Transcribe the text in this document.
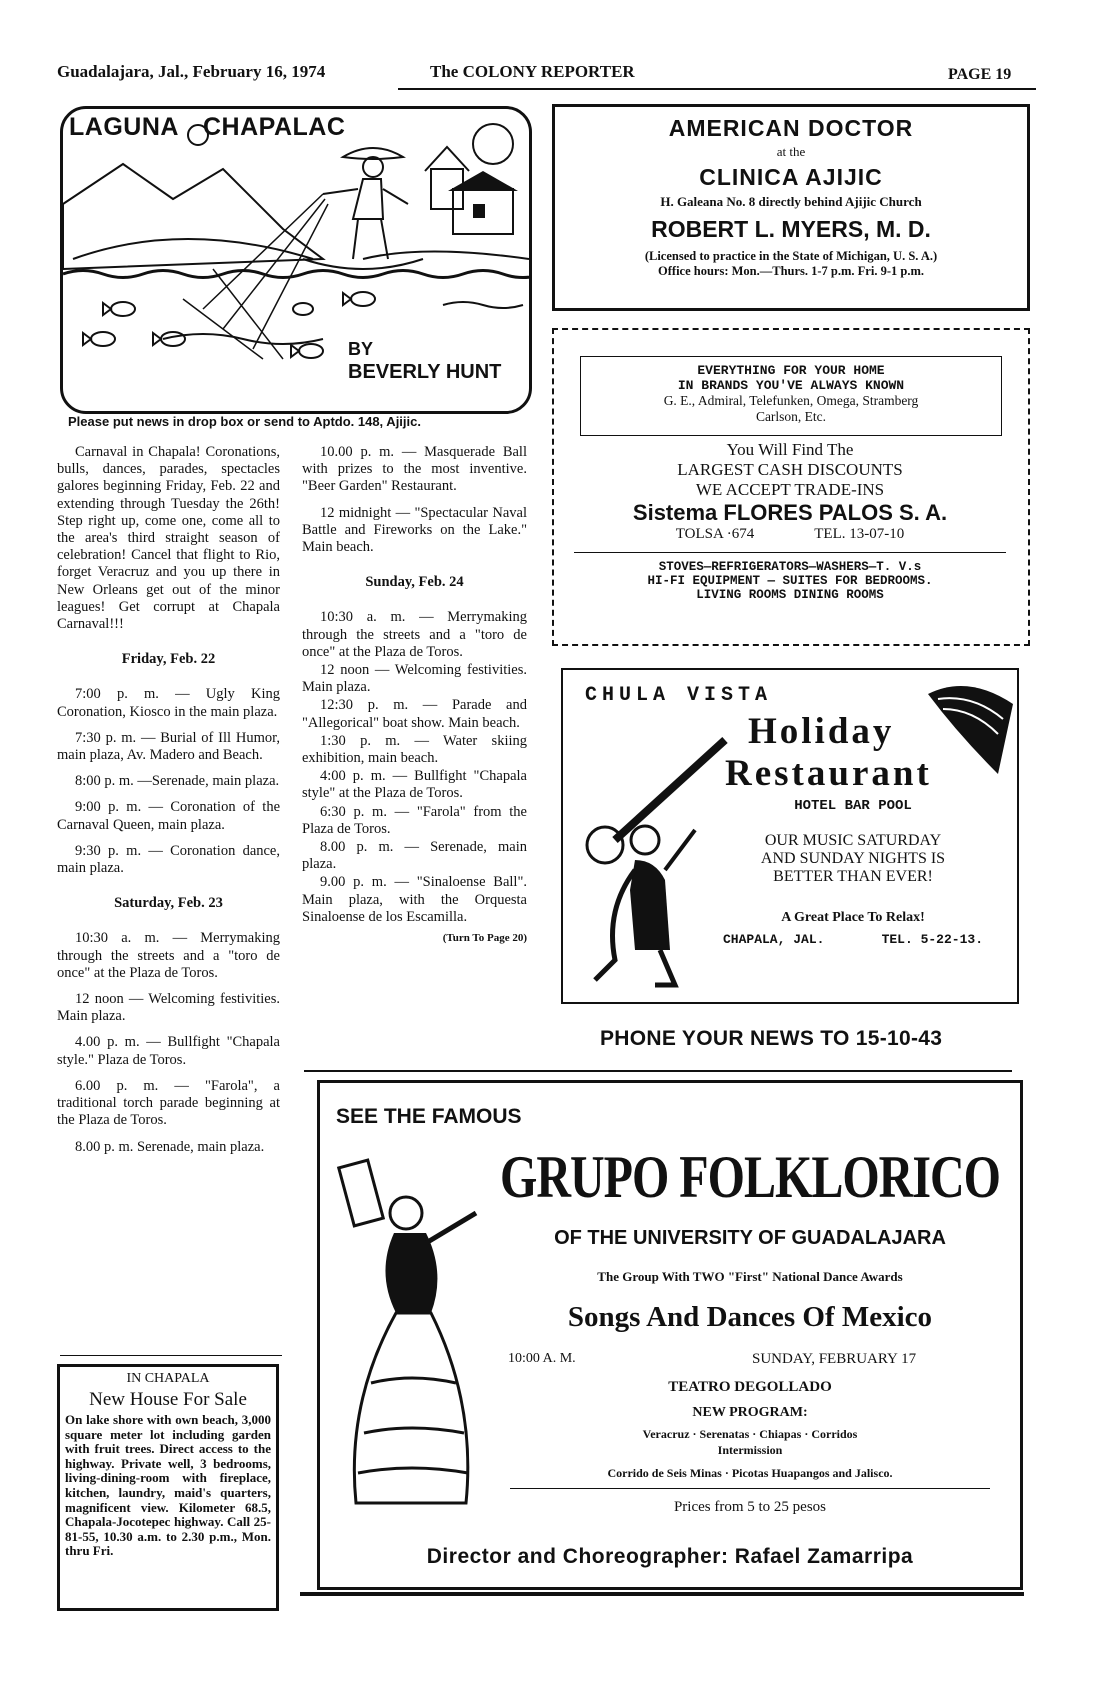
Guadalajara, Jal., February 16, 1974	The COLONY REPORTER	PAGE 19
LAGUNA CHAPALAC
BY
BEVERLY HUNT
Please put news in drop box or send to Aptdo. 148, Ajijic.

Carnaval in Chapala! Coronations, bulls, dances, parades, spectacles galores beginning Friday, Feb. 22 and extending through Tuesday the 26th! Step right up, come one, come all to the area's third straight season of celebration! Cancel that flight to Rio, forget Veracruz and you up there in New Orleans get out of the minor leagues! Get corrupt at Chapala Carnaval!!!

Friday, Feb. 22

7:00 p. m. — Ugly King Coronation, Kiosco in the main plaza.

7:30 p. m. — Burial of Ill Humor, main plaza, Av. Madero and Beach.

8:00 p. m. —Serenade, main plaza.

9:00 p. m. — Coronation of the Carnaval Queen, main plaza.

9:30 p. m. — Coronation dance, main plaza.

Saturday, Feb. 23

10:30 a. m. — Merrymaking through the streets and a "toro de once" at the Plaza de Toros.

12 noon — Welcoming festivities. Main plaza.

4.00 p. m. — Bullfight "Chapala style." Plaza de Toros.

6.00 p. m. — "Farola", a traditional torch parade beginning at the Plaza de Toros.

8.00 p. m. Serenade, main plaza.

IN CHAPALA
New House For Sale
On lake shore with own beach, 3,000 square meter lot including garden with fruit trees. Direct access to the highway. Private well, 3 bedrooms, living-dining-room with fireplace, kitchen, laundry, maid's quarters, magnificent view. Kilometer 68.5, Chapala-Jocotepec highway. Call 25-81-55, 10.30 a.m. to 2.30 p.m., Mon. thru Fri.

10.00 p. m. — Masquerade Ball with prizes to the most inventive. "Beer Garden" Restaurant.

12 midnight — "Spectacular Naval Battle and Fireworks on the Lake." Main beach.

Sunday, Feb. 24

10:30 a. m. — Merrymaking through the streets and a "toro de once" at the Plaza de Toros.

12 noon — Welcoming festivities. Main plaza.

12:30 p. m. — Parade and "Allegorical" boat show. Main beach.

1:30 p. m. — Water skiing exhibition, main beach.

4:00 p. m. — Bullfight "Chapala style" at the Plaza de Toros.

6:30 p. m. — "Farola" from the Plaza de Toros.

8.00 p. m. — Serenade, main plaza.

9.00 p. m. — "Sinaloense Ball". Main plaza, with the Orquesta Sinaloense de los Escamilla.

(Turn To Page 20)

AMERICAN DOCTOR
at the
CLINICA AJIJIC
H. Galeana No. 8 directly behind Ajijic Church
ROBERT L. MYERS, M. D.
(Licensed to practice in the State of Michigan, U. S. A.)
Office hours: Mon.—Thurs. 1-7 p.m. Fri. 9-1 p.m.
EVERYTHING FOR YOUR HOME
IN BRANDS YOU'VE ALWAYS KNOWN
G. E., Admiral, Telefunken, Omega, Stramberg
Carlson, Etc.
You Will Find The
LARGEST CASH DISCOUNTS
WE ACCEPT TRADE-INS
Sistema FLORES PALOS S. A.
TOLSA ·674	TEL. 13-07-10
STOVES—REFRIGERATORS—WASHERS—T. V.s
HI-FI EQUIPMENT — SUITES FOR BEDROOMS.
LIVING ROOMS DINING ROOMS
CHULA VISTA
Holiday
Restaurant
HOTEL BAR POOL
OUR MUSIC SATURDAY
AND SUNDAY NIGHTS IS
BETTER THAN EVER!
A Great Place To Relax!
CHAPALA, JAL.	TEL. 5-22-13.
PHONE YOUR NEWS TO 15-10-43
SEE THE FAMOUS
GRUPO FOLKLORICO
OF THE UNIVERSITY OF GUADALAJARA
The Group With TWO "First" National Dance Awards
Songs And Dances Of Mexico
10:00 A. M.	SUNDAY, FEBRUARY 17
TEATRO DEGOLLADO
NEW PROGRAM:
Veracruz · Serenatas · Chiapas · Corridos
Intermission
Corrido de Seis Minas · Picotas Huapangos and Jalisco.
Prices from 5 to 25 pesos
Director and Choreographer: Rafael Zamarripa
